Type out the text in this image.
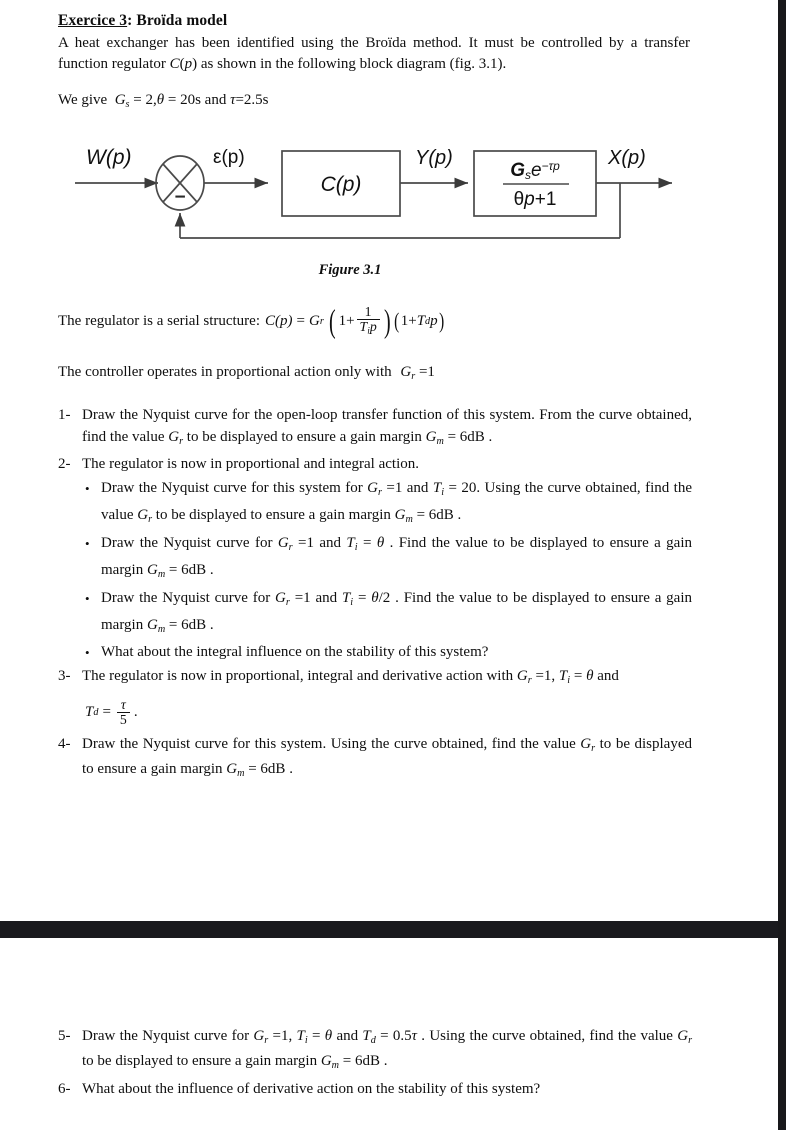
Exercice 3: Broïda model

A heat exchanger has been identified using the Broïda method. It must be controlled by a transfer function regulator C(p) as shown in the following block diagram (fig. 3.1).

We give  $G_s = 2,\theta = 20s$ and τ=2.5s

−
W(p)	ε(p)
C(p)
Y(p)	X(p)
Gse$^{-\tau p}$
θp+1
Figure 3.1
The regulator is a serial structure: C (p) = G r ( $1+ \frac{1}{T_ip}$ ) ( 1+ T d p )
The controller operates in proportional action only with $G_r =1$
1- Draw the Nyquist curve for the open-loop transfer function of this system. From the curve obtained, find the value $G_r$ to be displayed to ensure a gain margin $G_m = 6dB$ .
2- The regulator is now in proportional and integral action.
• Draw the Nyquist curve for this system for $G_r =1$ and $T_i = 20$. Using the curve obtained, find the value $G_r$ to be displayed to ensure a gain margin $G_m = 6dB$ .
• Draw the Nyquist curve for $G_r =1$ and $T_i = \theta$ . Find the value to be displayed to ensure a gain margin $G_m = 6dB$ .
• Draw the Nyquist curve for $G_r =1$ and $T_i = \theta/2$ . Find the value to be displayed to ensure a gain margin $G_m = 6dB$ .
• What about the integral influence on the stability of this system?
3- The regulator is now in proportional, integral and derivative action with $G_r =1$, $T_i = \theta$ and
T $d = \frac{\tau}{5}$ .
4- Draw the Nyquist curve for this system. Using the curve obtained, find the value $G_r$ to be displayed to ensure a gain margin $G_m = 6dB$ .
5- Draw the Nyquist curve for $G_r =1$, $T_i = \theta$ and $T_d = 0.5\tau$ . Using the curve obtained, find the value $G_r$ to be displayed to ensure a gain margin $G_m = 6dB$ .
6- What about the influence of derivative action on the stability of this system?
